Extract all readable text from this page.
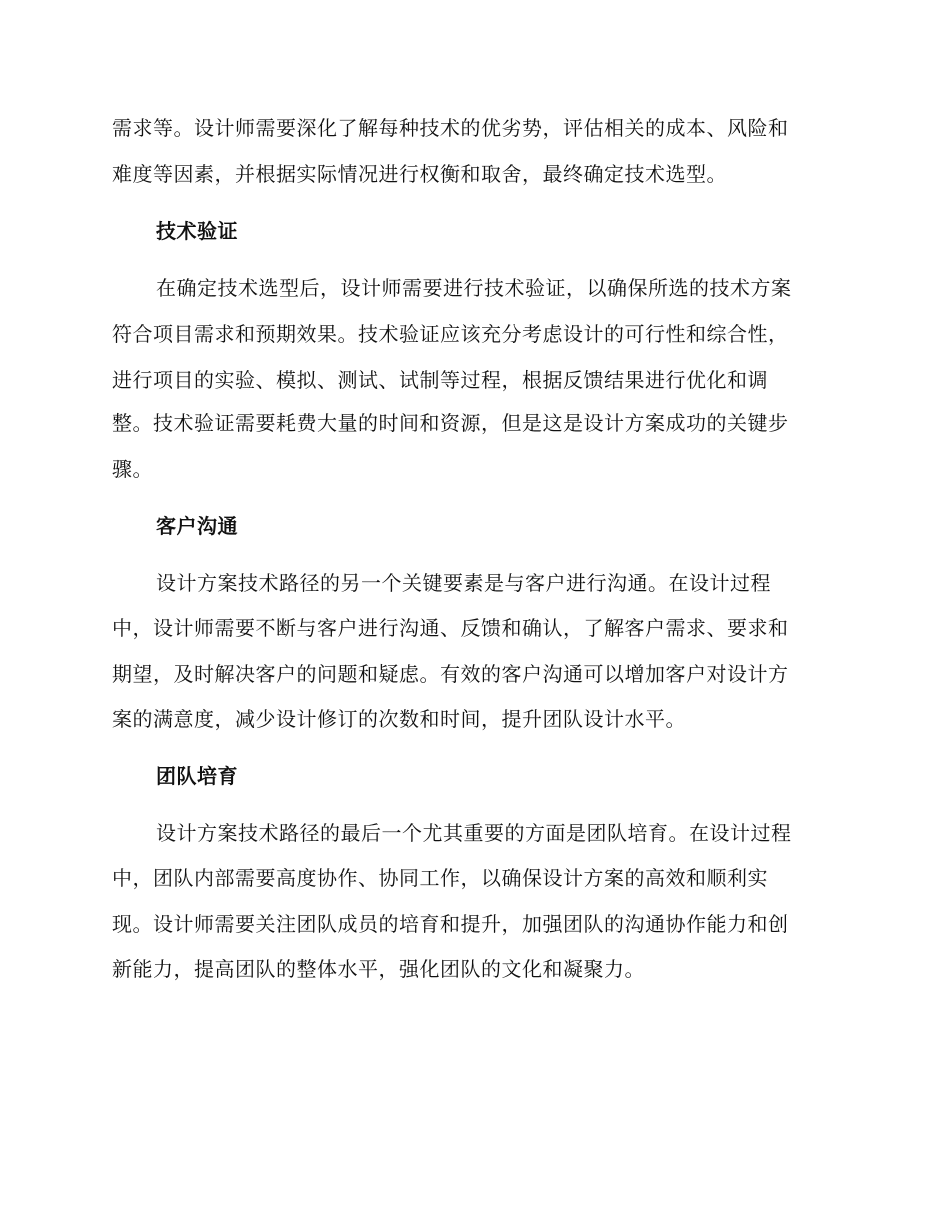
需求等。设计师需要深化了解每种技术的优劣势，评估相关的成本、风险和
难度等因素，并根据实际情况进行权衡和取舍，最终确定技术选型。
技术验证
在确定技术选型后，设计师需要进行技术验证，以确保所选的技术方案
符合项目需求和预期效果。技术验证应该充分考虑设计的可行性和综合性，
进行项目的实验、模拟、测试、试制等过程，根据反馈结果进行优化和调
整。技术验证需要耗费大量的时间和资源，但是这是设计方案成功的关键步
骤。
客户沟通
设计方案技术路径的另一个关键要素是与客户进行沟通。在设计过程
中，设计师需要不断与客户进行沟通、反馈和确认，了解客户需求、要求和
期望，及时解决客户的问题和疑虑。有效的客户沟通可以增加客户对设计方
案的满意度，减少设计修订的次数和时间，提升团队设计水平。
团队培育
设计方案技术路径的最后一个尤其重要的方面是团队培育。在设计过程
中，团队内部需要高度协作、协同工作，以确保设计方案的高效和顺利实
现。设计师需要关注团队成员的培育和提升，加强团队的沟通协作能力和创
新能力，提高团队的整体水平，强化团队的文化和凝聚力。
